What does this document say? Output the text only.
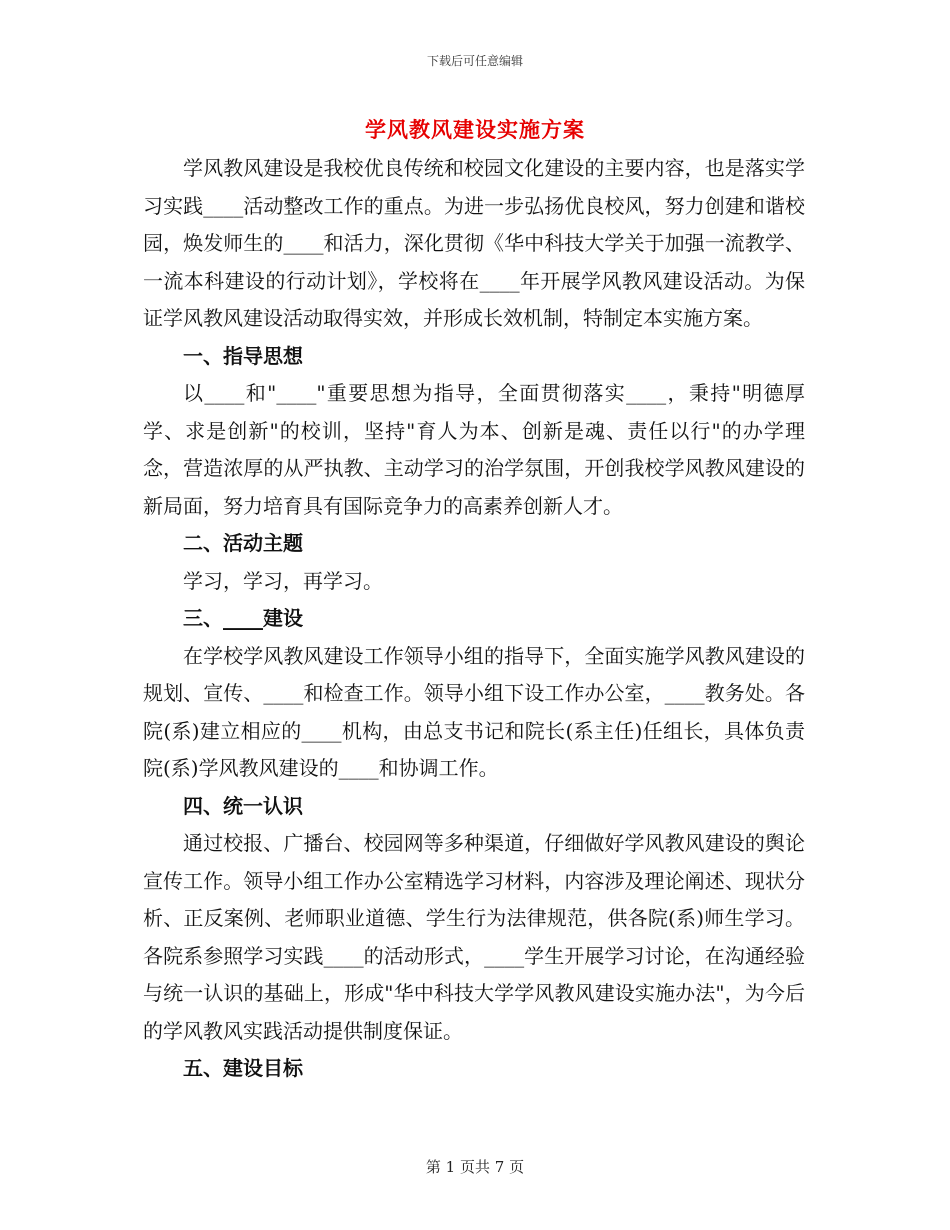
下载后可任意编辑
学风教风建设实施方案

学风教风建设是我校优良传统和校园文化建设的主要内容，也是落实学习实践____活动整改工作的重点。为进一步弘扬优良校风，努力创建和谐校园，焕发师生的____和活力，深化贯彻《华中科技大学关于加强一流教学、一流本科建设的行动计划》，学校将在____年开展学风教风建设活动。为保证学风教风建设活动取得实效，并形成长效机制，特制定本实施方案。

一、指导思想

以____和"____"重要思想为指导，全面贯彻落实____，秉持"明德厚学、求是创新"的校训，坚持"育人为本、创新是魂、责任以行"的办学理念，营造浓厚的从严执教、主动学习的治学氛围，开创我校学风教风建设的新局面，努力培育具有国际竞争力的高素养创新人才。

二、活动主题

学习，学习，再学习。

三、____建设

在学校学风教风建设工作领导小组的指导下，全面实施学风教风建设的规划、宣传、____和检查工作。领导小组下设工作办公室，____教务处。各院(系)建立相应的____机构，由总支书记和院长(系主任)任组长，具体负责院(系)学风教风建设的____和协调工作。

四、统一认识

通过校报、广播台、校园网等多种渠道，仔细做好学风教风建设的舆论宣传工作。领导小组工作办公室精选学习材料，内容涉及理论阐述、现状分析、正反案例、老师职业道德、学生行为法律规范，供各院(系)师生学习。各院系参照学习实践____的活动形式，____学生开展学习讨论，在沟通经验与统一认识的基础上，形成"华中科技大学学风教风建设实施办法"，为今后的学风教风实践活动提供制度保证。

五、建设目标
第 1 页共 7 页
